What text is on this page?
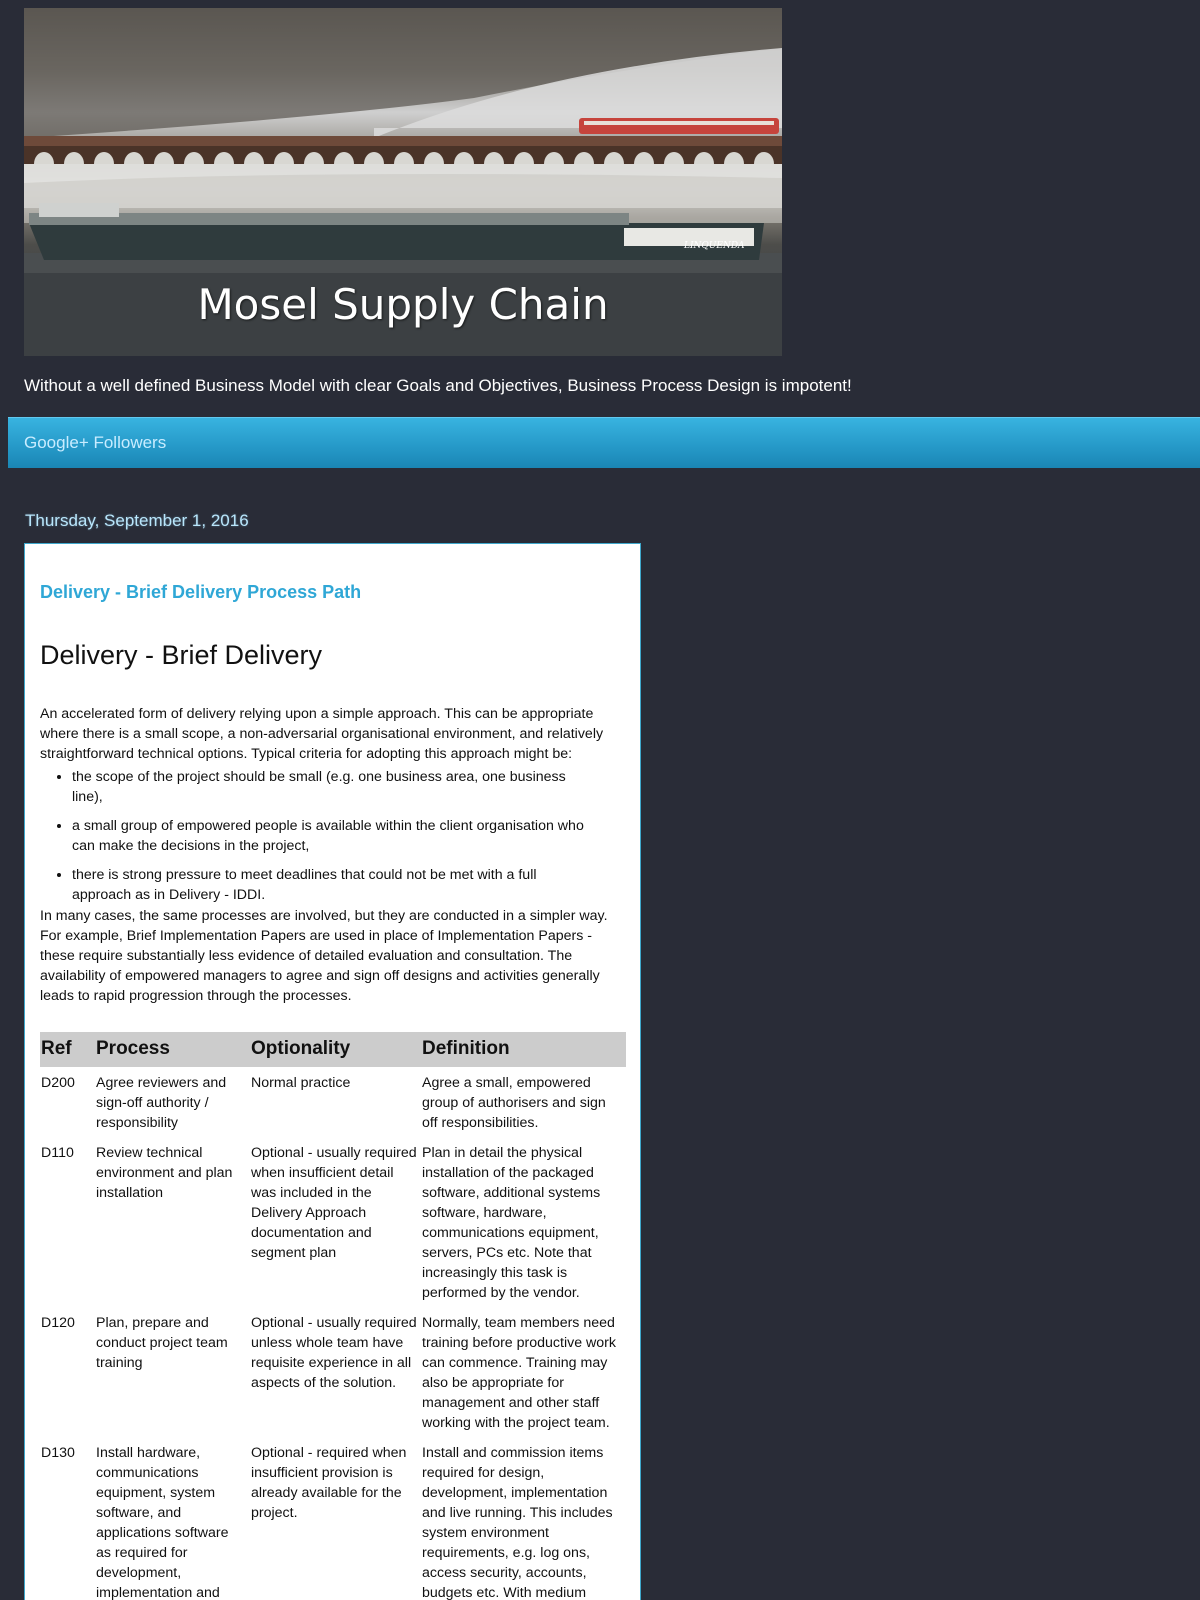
LINQUENDA
Mosel Supply Chain
Without a well defined Business Model with clear Goals and Objectives, Business Process Design is impotent!
Google+ Followers
Thursday, September 1, 2016
Delivery - Brief Delivery Process Path
Delivery - Brief Delivery

An accelerated form of delivery relying upon a simple approach. This can be appropriate where there is a small scope, a non-adversarial organisational environment, and relatively straightforward technical options. Typical criteria for adopting this approach might be:

• the scope of the project should be small (e.g. one business area, one business line),
• a small group of empowered people is available within the client organisation who can make the decisions in the project,
• there is strong pressure to meet deadlines that could not be met with a full approach as in Delivery - IDDI.

In many cases, the same processes are involved, but they are conducted in a simpler way. For example, Brief Implementation Papers are used in place of Implementation Papers - these require substantially less evidence of detailed evaluation and consultation. The availability of empowered managers to agree and sign off designs and activities generally leads to rapid progression through the processes.

Ref	Process	Optionality	Definition
D200	Agree reviewers and sign-off authority / responsibility	Normal practice	Agree a small, empowered group of authorisers and sign off responsibilities.
D110	Review technical environment and plan installation	Optional - usually required when insufficient detail was included in the Delivery Approach documentation and segment plan	Plan in detail the physical installation of the packaged software, additional systems software, hardware, communications equipment, servers, PCs etc. Note that increasingly this task is performed by the vendor.
D120	Plan, prepare and conduct project team training	Optional - usually required unless whole team have requisite experience in all aspects of the solution.	Normally, team members need training before productive work can commence. Training may also be appropriate for management and other staff working with the project team.
D130	Install hardware, communications equipment, system software, and applications software as required for development, implementation and	Optional - required when insufficient provision is already available for the project.	Install and commission items required for design, development, implementation and live running. This includes system environment requirements, e.g. log ons, access security, accounts, budgets etc. With medium
